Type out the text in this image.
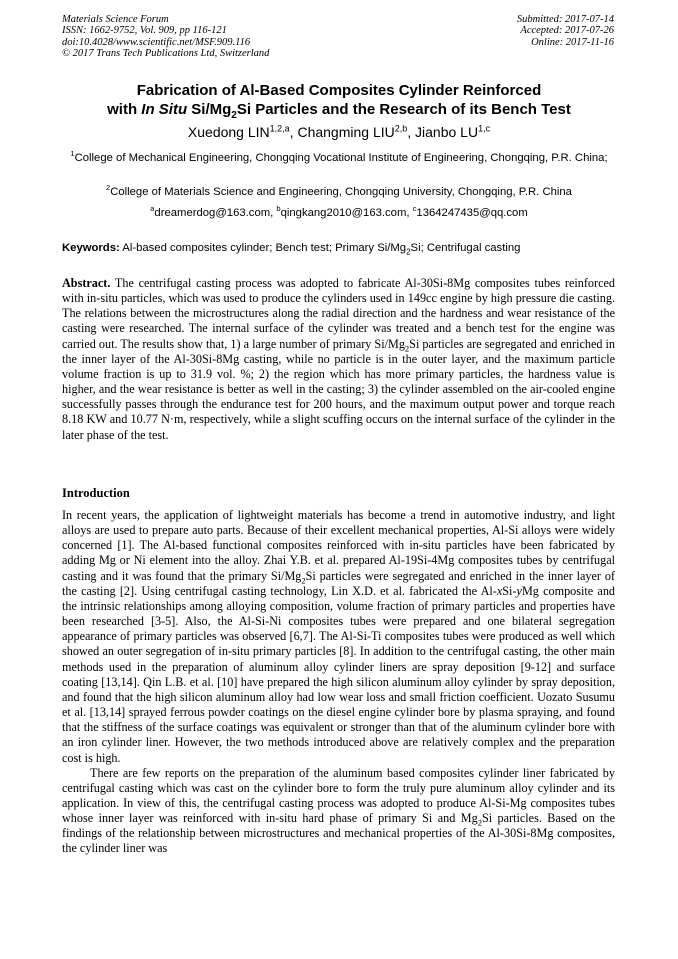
Materials Science Forum
ISSN: 1662-9752, Vol. 909, pp 116-121
doi:10.4028/www.scientific.net/MSF.909.116
© 2017 Trans Tech Publications Ltd, Switzerland
Submitted: 2017-07-14
Accepted: 2017-07-26
Online: 2017-11-16
Fabrication of Al-Based Composites Cylinder Reinforced
with In Situ $Si/Mg_2Si$ Particles and the Research of its Bench Test
Xuedong LIN$^{1,2,a}$, Changming LIU$^{2,b}$, Jianbo LU$^{1,c}$
$^1$College of Mechanical Engineering, Chongqing Vocational Institute of Engineering, Chongqing, P.R. China;
$^2$College of Materials Science and Engineering, Chongqing University, Chongqing, P.R. China
$^a$dreamerdog@163.com, $^b$qingkang2010@163.com, $^c$1364247435@qq.com
Keywords: Al-based composites cylinder; Bench test; Primary $Si/Mg_2Si$; Centrifugal casting

Abstract. The centrifugal casting process was adopted to fabricate Al-30Si-8Mg composites tubes reinforced with in-situ particles, which was used to produce the cylinders used in 149cc engine by high pressure die casting. The relations between the microstructures along the radial direction and the hardness and wear resistance of the casting were researched. The internal surface of the cylinder was treated and a bench test for the engine was carried out. The results show that, 1) a large number of primary $Si/Mg_2Si$ particles are segregated and enriched in the inner layer of the Al-30Si-8Mg casting, while no particle is in the outer layer, and the maximum particle volume fraction is up to 31.9 vol. %; 2) the region which has more primary particles, the hardness value is higher, and the wear resistance is better as well in the casting; 3) the cylinder assembled on the air-cooled engine successfully passes through the endurance test for 200 hours, and the maximum output power and torque reach 8.18 KW and 10.77 N·m, respectively, while a slight scuffing occurs on the internal surface of the cylinder in the later phase of the test.

Introduction

In recent years, the application of lightweight materials has become a trend in automotive industry, and light alloys are used to prepare auto parts. Because of their excellent mechanical properties, Al-Si alloys were widely concerned [1]. The Al-based functional composites reinforced with in-situ particles have been fabricated by adding Mg or Ni element into the alloy. Zhai Y.B. et al. prepared Al-19Si-4Mg composites tubes by centrifugal casting and it was found that the primary $Si/Mg_2Si$ particles were segregated and enriched in the inner layer of the casting [2]. Using centrifugal casting technology, Lin X.D. et al. fabricated the Al-xSi-yMg composite and the intrinsic relationships among alloying composition, volume fraction of primary particles and properties have been researched [3-5]. Also, the Al-Si-Ni composites tubes were prepared and one bilateral segregation appearance of primary particles was observed [6,7]. The Al-Si-Ti composites tubes were produced as well which showed an outer segregation of in-situ primary particles [8]. In addition to the centrifugal casting, the other main methods used in the preparation of aluminum alloy cylinder liners are spray deposition [9-12] and surface coating [13,14]. Qin L.B. et al. [10] have prepared the high silicon aluminum alloy cylinder by spray deposition, and found that the high silicon aluminum alloy had low wear loss and small friction coefficient. Uozato Susumu et al. [13,14] sprayed ferrous powder coatings on the diesel engine cylinder bore by plasma spraying, and found that the stiffness of the surface coatings was equivalent or stronger than that of the aluminum cylinder bore with an iron cylinder liner. However, the two methods introduced above are relatively complex and the preparation cost is high.

There are few reports on the preparation of the aluminum based composites cylinder liner fabricated by centrifugal casting which was cast on the cylinder bore to form the truly pure aluminum alloy cylinder and its application. In view of this, the centrifugal casting process was adopted to produce Al-Si-Mg composites tubes whose inner layer was reinforced with in-situ hard phase of primary Si and $Mg_2Si$ particles. Based on the findings of the relationship between microstructures and mechanical properties of the Al-30Si-8Mg composites, the cylinder liner was
